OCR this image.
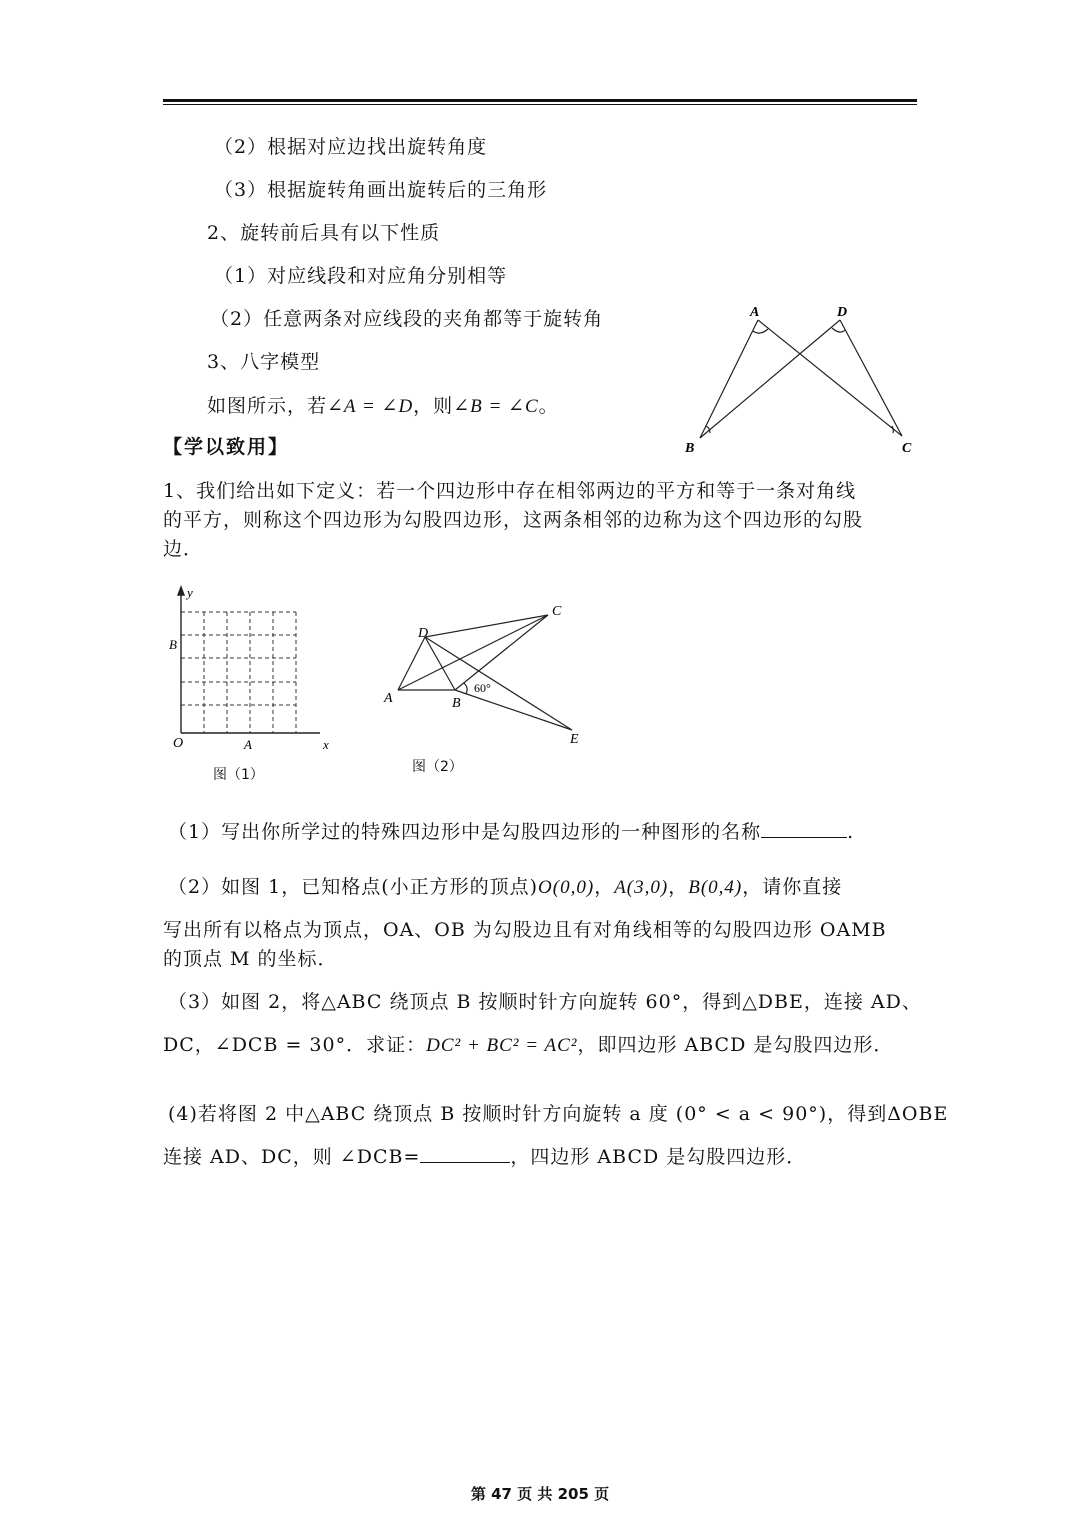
（2）根据对应边找出旋转角度
（3）根据旋转角画出旋转后的三角形
2、旋转前后具有以下性质
（1）对应线段和对应角分别相等
（2）任意两条对应线段的夹角都等于旋转角
3、八字模型
如图所示，若∠A = ∠D，则∠B = ∠C。
A	D
B	C
【学以致用】
1、我们给出如下定义：若一个四边形中存在相邻两边的平方和等于一条对角线
的平方，则称这个四边形为勾股四边形，这两条相邻的边称为这个四边形的勾股
边．
y
x
O	A
B
图（1）
D
C
A	B
E
60°
图（2）
（1）写出你所学过的特殊四边形中是勾股四边形的一种图形的名称	.
（2）如图 1，已知格点(小正方形的顶点)O(0,0)，A(3,0)，B(0,4)，请你直接
写出所有以格点为顶点，OA、OB 为勾股边且有对角线相等的勾股四边形 OAMB
的顶点 M 的坐标．
（3）如图 2，将△ABC 绕顶点 B 按顺时针方向旋转 60°，得到△DBE，连接 AD、
DC，∠DCB = 30°．求证：DC² + BC² = AC²，即四边形 ABCD 是勾股四边形．
(4)若将图 2 中△ABC 绕顶点 B 按顺时针方向旋转 a 度 (0° < a < 90°)，得到ΔOBE
连接 AD、DC，则 ∠DCB=	，四边形 ABCD 是勾股四边形．
第 47 页 共 205 页
